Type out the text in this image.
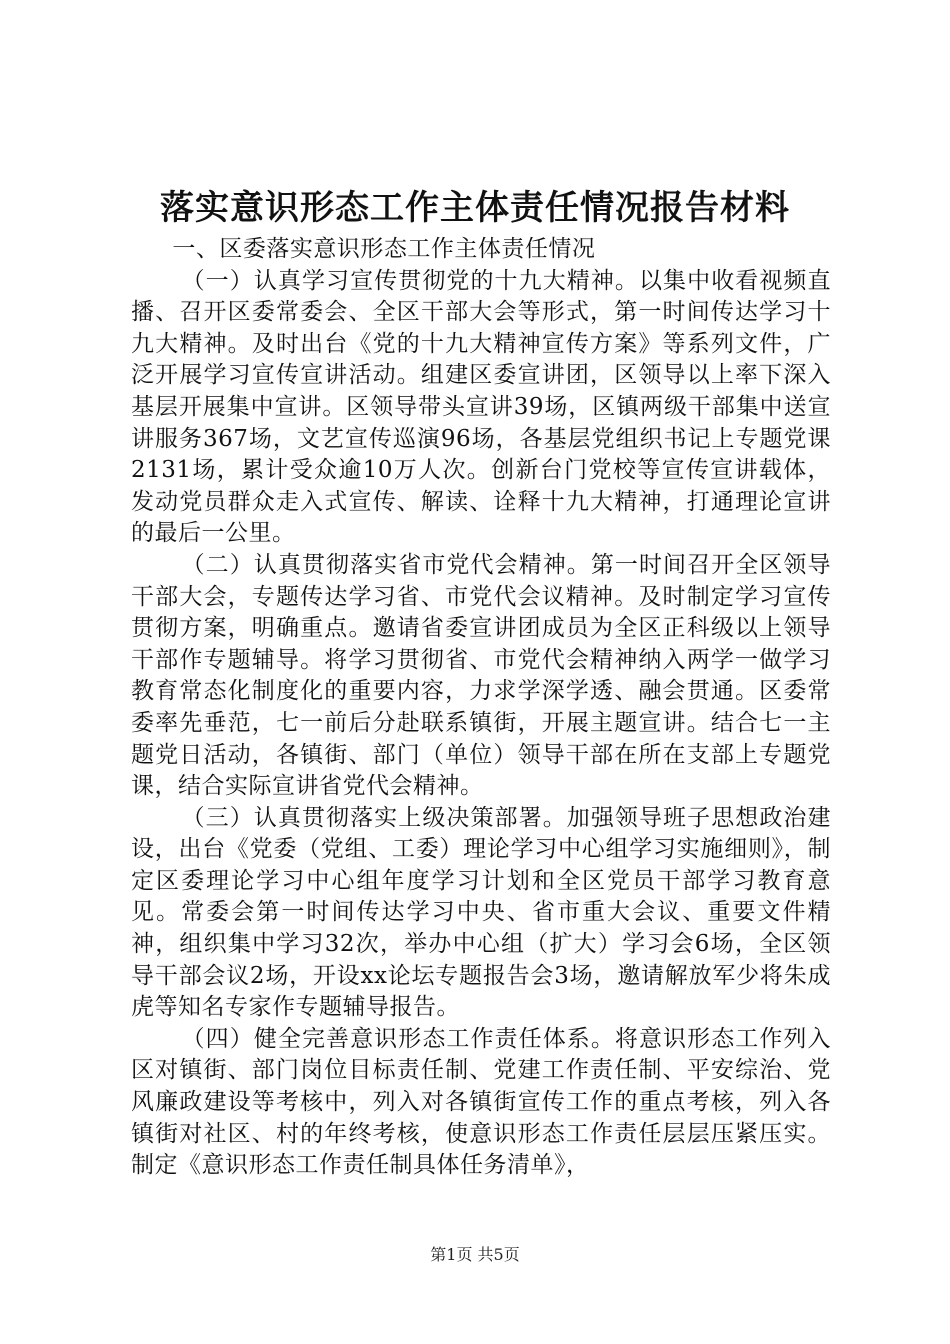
落实意识形态工作主体责任情况报告材料

一、区委落实意识形态工作主体责任情况

（一）认真学习宣传贯彻党的十九大精神。以集中收看视频直播、召开区委常委会、全区干部大会等形式，第一时间传达学习十九大精神。及时出台《党的十九大精神宣传方案》等系列文件，广泛开展学习宣传宣讲活动。组建区委宣讲团，区领导以上率下深入基层开展集中宣讲。区领导带头宣讲39场，区镇两级干部集中送宣讲服务367场，文艺宣传巡演96场，各基层党组织书记上专题党课2131场，累计受众逾10万人次。创新台门党校等宣传宣讲载体，发动党员群众走入式宣传、解读、诠释十九大精神，打通理论宣讲的最后一公里。

（二）认真贯彻落实省市党代会精神。第一时间召开全区领导干部大会，专题传达学习省、市党代会议精神。及时制定学习宣传贯彻方案，明确重点。邀请省委宣讲团成员为全区正科级以上领导干部作专题辅导。将学习贯彻省、市党代会精神纳入两学一做学习教育常态化制度化的重要内容，力求学深学透、融会贯通。区委常委率先垂范，七一前后分赴联系镇街，开展主题宣讲。结合七一主题党日活动，各镇街、部门（单位）领导干部在所在支部上专题党课，结合实际宣讲省党代会精神。

（三）认真贯彻落实上级决策部署。加强领导班子思想政治建设，出台《党委（党组、工委）理论学习中心组学习实施细则》，制定区委理论学习中心组年度学习计划和全区党员干部学习教育意见。常委会第一时间传达学习中央、省市重大会议、重要文件精神，组织集中学习32次，举办中心组（扩大）学习会6场，全区领导干部会议2场，开设xx论坛专题报告会3场，邀请解放军少将朱成虎等知名专家作专题辅导报告。

（四）健全完善意识形态工作责任体系。将意识形态工作列入区对镇街、部门岗位目标责任制、党建工作责任制、平安综治、党风廉政建设等考核中，列入对各镇街宣传工作的重点考核，列入各镇街对社区、村的年终考核，使意识形态工作责任层层压紧压实。制定《意识形态工作责任制具体任务清单》，

第1页 共5页
